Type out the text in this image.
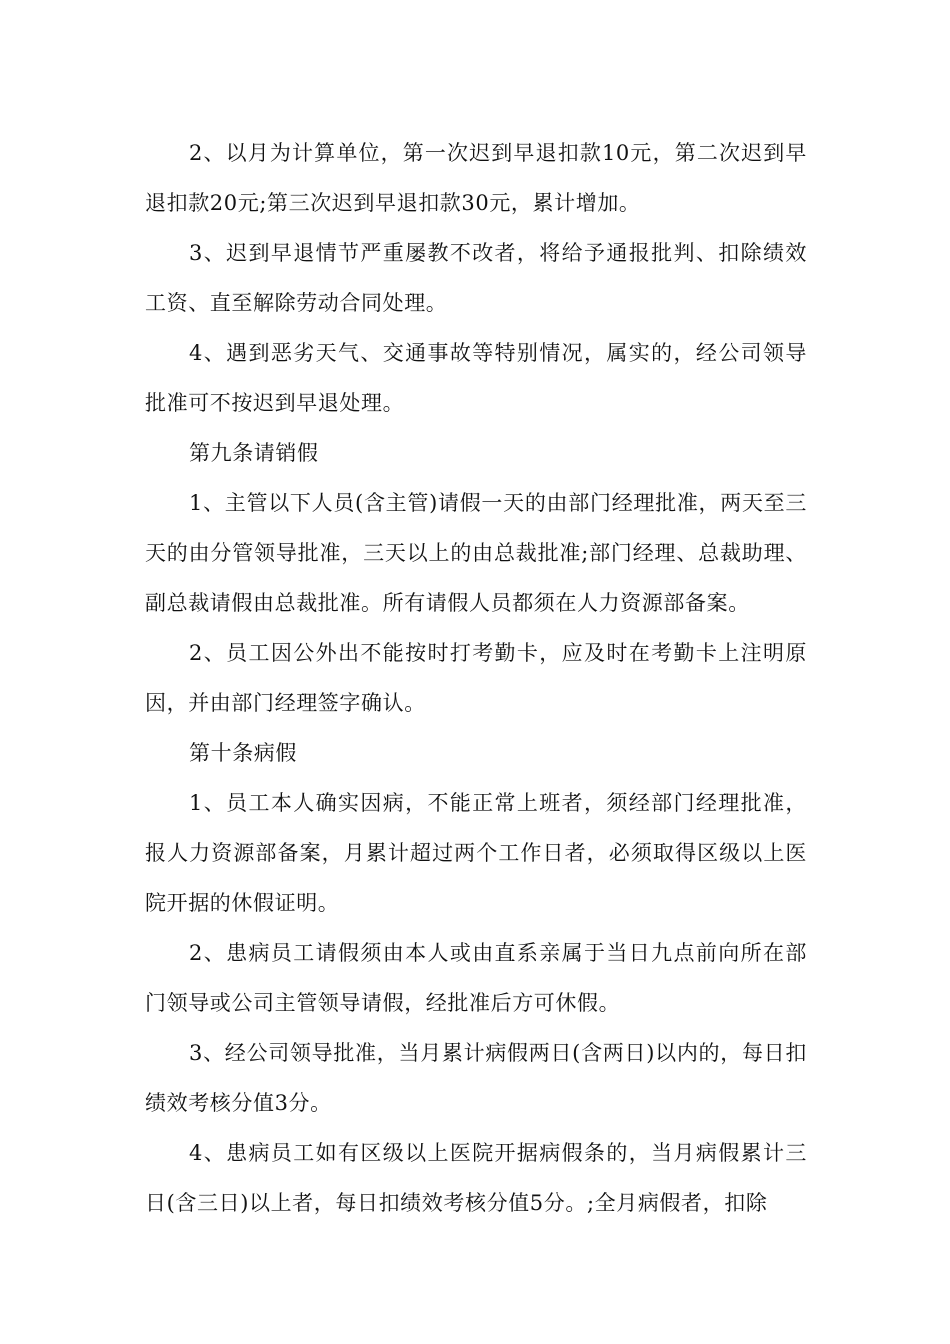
2、以月为计算单位，第一次迟到早退扣款10元，第二次迟到早退扣款20元;第三次迟到早退扣款30元，累计增加。

3、迟到早退情节严重屡教不改者，将给予通报批判、扣除绩效工资、直至解除劳动合同处理。

4、遇到恶劣天气、交通事故等特别情况，属实的，经公司领导批准可不按迟到早退处理。

第九条请销假

1、主管以下人员(含主管)请假一天的由部门经理批准，两天至三天的由分管领导批准，三天以上的由总裁批准;部门经理、总裁助理、副总裁请假由总裁批准。所有请假人员都须在人力资源部备案。

2、员工因公外出不能按时打考勤卡，应及时在考勤卡上注明原因，并由部门经理签字确认。

第十条病假

1、员工本人确实因病，不能正常上班者，须经部门经理批准，报人力资源部备案，月累计超过两个工作日者，必须取得区级以上医院开据的休假证明。

2、患病员工请假须由本人或由直系亲属于当日九点前向所在部门领导或公司主管领导请假，经批准后方可休假。

3、经公司领导批准，当月累计病假两日(含两日)以内的，每日扣绩效考核分值3分。

4、患病员工如有区级以上医院开据病假条的，当月病假累计三日(含三日)以上者，每日扣绩效考核分值5分。;全月病假者，扣除
